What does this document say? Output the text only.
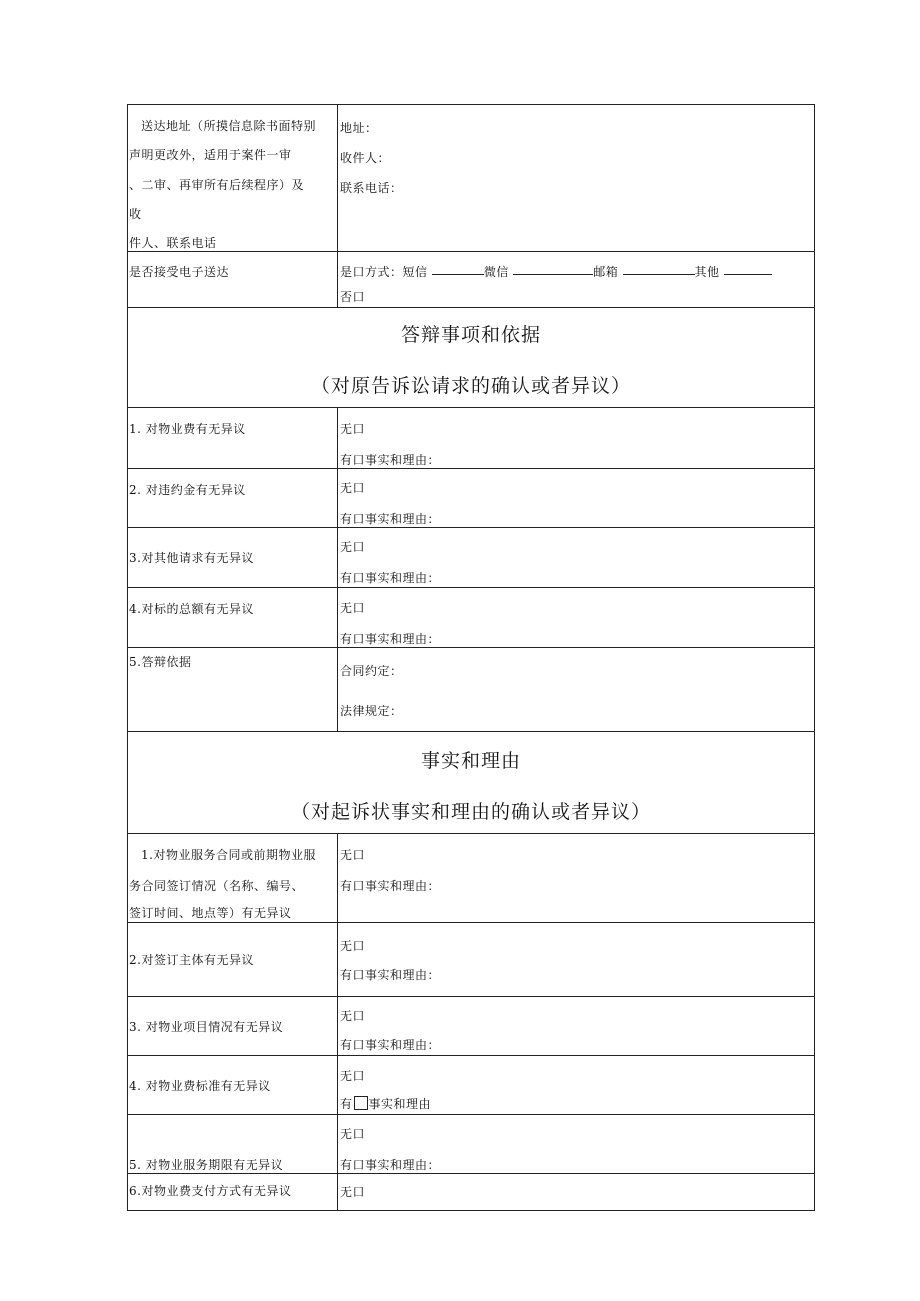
送达地址（所摸信息除书面特别
声明更改外，适用于案件一审
、二审、再审所有后续程序）及
收
件人、联系电话	地址：
收件人：
联系电话：

是否接受电子送达	是口方式：短信 微信 邮箱 其他
否口

答辩事项和依据
（对原告诉讼请求的确认或者异议）	

1. 对物业费有无异议	无口
有口事实和理由：

2. 对违约金有无异议	无口
有口事实和理由：

3.对其他请求有无异议	无口
有口事实和理由：

4.对标的总额有无异议	无口
有口事实和理由：

5.答辩依据	合同约定：
法律规定：

事实和理由
（对起诉状事实和理由的确认或者异议）	

1.对物业服务合同或前期物业服
务合同签订情况（名称、编号、
签订时间、地点等）有无异议	无口
有口事实和理由：

2.对签订主体有无异议	无口
有口事实和理由：

3. 对物业项目情况有无异议	无口
有口事实和理由：

4. 对物业费标准有无异议	无口
有 事实和理由

5. 对物业服务期限有无异议	无口
有口事实和理由：

6.对物业费支付方式有无异议	无口
